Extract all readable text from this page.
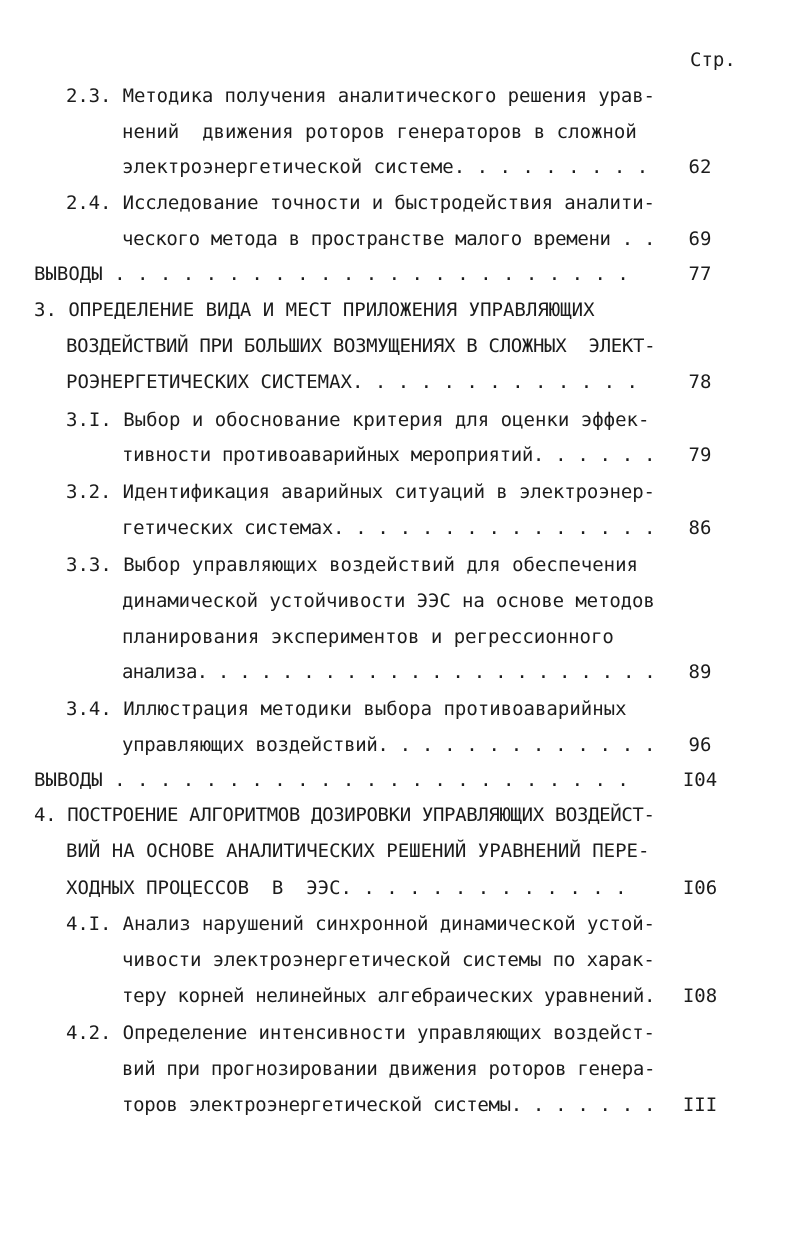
Стр.
2.3. Методика получения аналитического решения урав-
нений  движения роторов генераторов в сложной
электроэнергетической системе. . . . . . . . .	62
2.4. Исследование точности и быстродействия аналити-
ческого метода в пространстве малого времени . .	69
ВЫВОДЫ . . . . . . . . . . . . . . . . . . . . . . .	77
3. ОПРЕДЕЛЕНИЕ ВИДА И МЕСТ ПРИЛОЖЕНИЯ УПРАВЛЯЮЩИХ
ВОЗДЕЙСТВИЙ ПРИ БОЛЬШИХ ВОЗМУЩЕНИЯХ В СЛОЖНЫХ  ЭЛЕКТ-
РОЭНЕРГЕТИЧЕСКИХ СИСТЕМАХ. . . . . . . . . . . . .	78
3.I. Выбор и обоснование критерия для оценки эффек-
тивности противоаварийных мероприятий. . . . . .	79
3.2. Идентификация аварийных ситуаций в электроэнер-
гетических системах. . . . . . . . . . . . . . .	86
3.3. Выбор управляющих воздействий для обеспечения
динамической устойчивости ЭЭС на основе методов
планирования экспериментов и регрессионного
анализа. . . . . . . . . . . . . . . . . . . . . .	89
3.4. Иллюстрация методики выбора противоаварийных
управляющих воздействий. . . . . . . . . . . . .	96
ВЫВОДЫ . . . . . . . . . . . . . . . . . . . . . . .	I04
4. ПОСТРОЕНИЕ АЛГОРИТМОВ ДОЗИРОВКИ УПРАВЛЯЮЩИХ ВОЗДЕЙСТ-
ВИЙ НА ОСНОВЕ АНАЛИТИЧЕСКИХ РЕШЕНИЙ УРАВНЕНИЙ ПЕРЕ-
ХОДНЫХ ПРОЦЕССОВ  В  ЭЭС. . . . . . . . . . . . .	I06
4.I. Анализ нарушений синхронной динамической устой-
чивости электроэнергетической системы по харак-
теру корней нелинейных алгебраических уравнений.	I08
4.2. Определение интенсивности управляющих воздейст-
вий при прогнозировании движения роторов генера-
торов электроэнергетической системы. . . . . . .	III
